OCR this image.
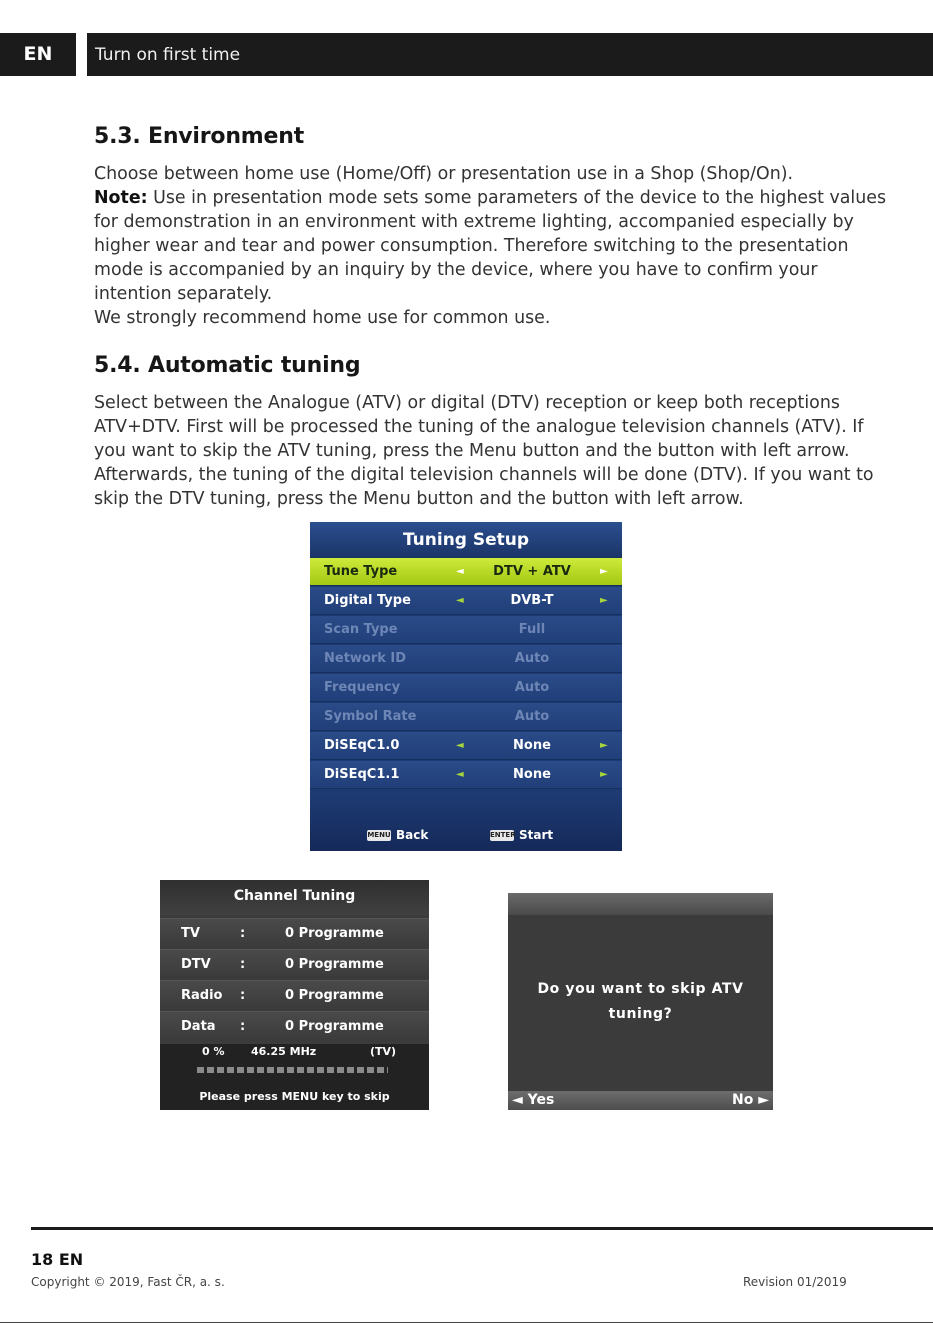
EN	Turn on first time
5.3. Environment
Choose between home use (Home/Off) or presentation use in a Shop (Shop/On).
Note: Use in presentation mode sets some parameters of the device to the highest values
for demonstration in an environment with extreme lighting, accompanied especially by
higher wear and tear and power consumption. Therefore switching to the presentation
mode is accompanied by an inquiry by the device, where you have to confirm your
intention separately.
We strongly recommend home use for common use.
5.4. Automatic tuning
Select between the Analogue (ATV) or digital (DTV) reception or keep both receptions
ATV+DTV. First will be processed the tuning of the analogue television channels (ATV). If
you want to skip the ATV tuning, press the Menu button and the button with left arrow.
Afterwards, the tuning of the digital television channels will be done (DTV). If you want to
skip the DTV tuning, press the Menu button and the button with left arrow.
Tuning Setup
Tune Type	◄	DTV + ATV	►
Digital Type	◄	DVB-T	►
Scan Type	Full
Network ID	Auto
Frequency	Auto
Symbol Rate	Auto
DiSEqC1.0	◄	None	►
DiSEqC1.1	◄	None	►
MENU Back	ENTER Start
Channel Tuning
TV	:	0 Programme
DTV :	0 Programme
Radio :	0 Programme
Data :	0 Programme
0 % 46.25 MHz	(TV)
Please press MENU key to skip
Do you want to skip ATV
tuning?
◄ Yes	No ►
18 EN
Copyright © 2019, Fast ČR, a. s.	Revision 01/2019
